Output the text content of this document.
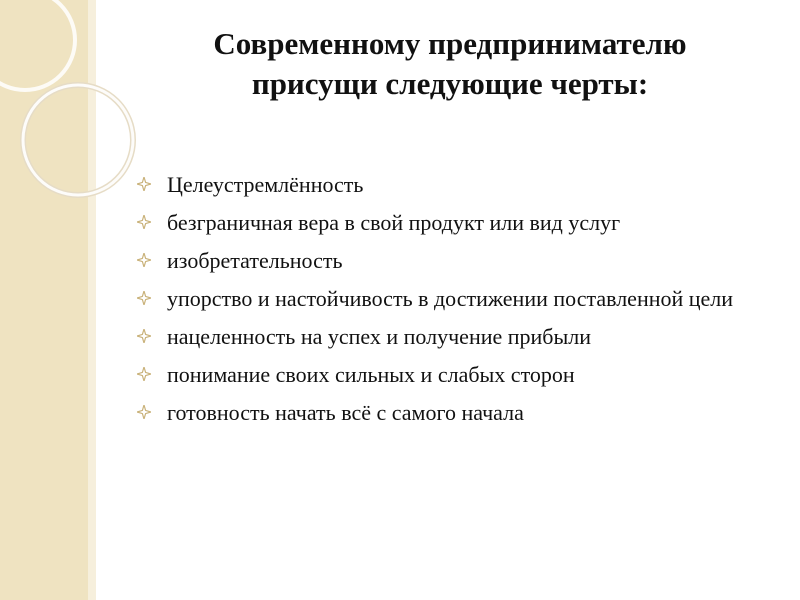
Современному предпринимателю
присущи следующие черты:
Целеустремлённость
безграничная вера в свой продукт или вид услуг
изобретательность
упорство и настойчивость в достижении поставленной цели
нацеленность на успех и получение прибыли
понимание своих сильных и слабых сторон
готовность начать всё с самого начала
